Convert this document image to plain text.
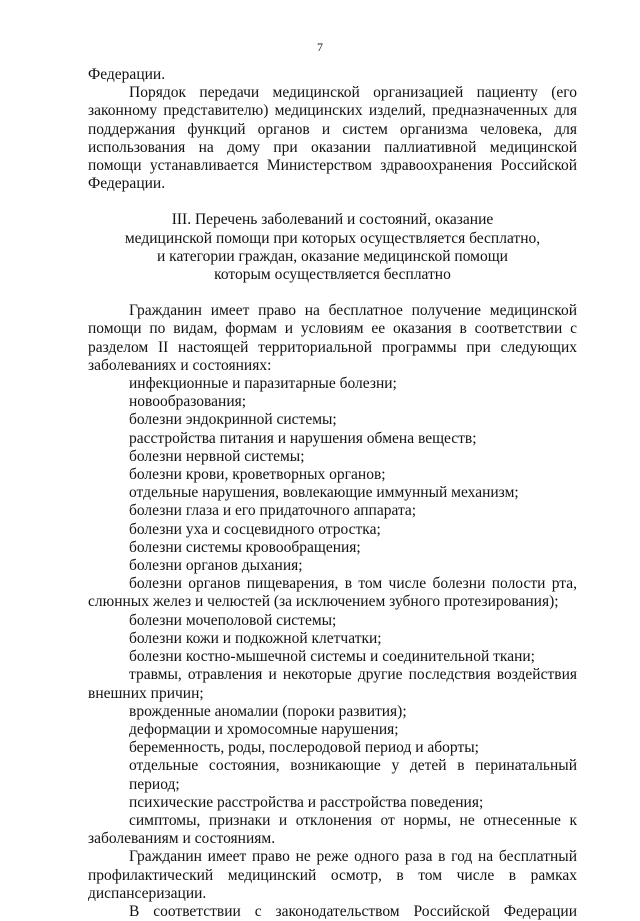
7
Федерации.
Порядок передачи медицинской организацией пациенту (его законному представителю) медицинских изделий, предназначенных для поддержания функций органов и систем организма человека, для использования на дому при оказании паллиативной медицинской помощи устанавливается Министерством здравоохранения Российской Федерации.
III. Перечень заболеваний и состояний, оказание
медицинской помощи при которых осуществляется бесплатно,
и категории граждан, оказание медицинской помощи
которым осуществляется бесплатно
Гражданин имеет право на бесплатное получение медицинской помощи по видам, формам и условиям ее оказания в соответствии с разделом II настоящей территориальной программы при следующих заболеваниях и состояниях:
инфекционные и паразитарные болезни;
новообразования;
болезни эндокринной системы;
расстройства питания и нарушения обмена веществ;
болезни нервной системы;
болезни крови, кроветворных органов;
отдельные нарушения, вовлекающие иммунный механизм;
болезни глаза и его придаточного аппарата;
болезни уха и сосцевидного отростка;
болезни системы кровообращения;
болезни органов дыхания;
болезни органов пищеварения, в том числе болезни полости рта, слюнных желез и челюстей (за исключением зубного протезирования);
болезни мочеполовой системы;
болезни кожи и подкожной клетчатки;
болезни костно-мышечной системы и соединительной ткани;
травмы, отравления и некоторые другие последствия воздействия внешних причин;
врожденные аномалии (пороки развития);
деформации и хромосомные нарушения;
беременность, роды, послеродовой период и аборты;
отдельные состояния, возникающие у детей в перинатальный период;
психические расстройства и расстройства поведения;
симптомы, признаки и отклонения от нормы, не отнесенные к заболеваниям и состояниям.
Гражданин имеет право не реже одного раза в год на бесплатный профилактический медицинский осмотр, в том числе в рамках диспансеризации.
В соответствии с законодательством Российской Федерации
